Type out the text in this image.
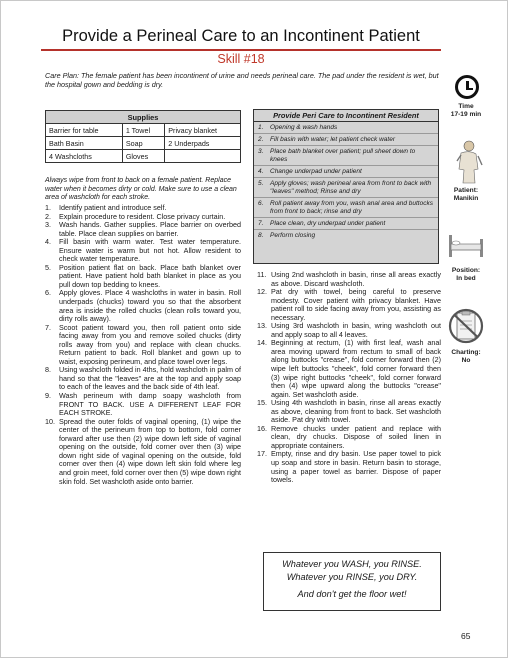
Provide a Perineal Care to an Incontinent Patient
Skill #18
Care Plan: The female patient has been incontinent of urine and needs perineal care. The pad under the resident is wet, but the hospital gown and bedding is dry.
Time
17-19 min
Patient:
Manikin
Position:
In bed
Charting:
No
Supplies		
Barrier for table	1 Towel	Privacy blanket
Bath Basin	Soap	2 Underpads
4 Washcloths	Gloves	
Provide Peri Care to Incontinent Resident
1.	Opening & wash hands
2.	Fill basin with water; let patient check water
3.	Place bath blanket over patient; pull sheet down to knees
4.	Change underpad under patient
5.	Apply gloves; wash perineal area from front to back with "leaves" method; Rinse and dry
6.	Roll patient away from you, wash anal area and buttocks from front to back; rinse and dry
7.	Place clean, dry underpad under patient
8.	Perform closing
Always wipe from front to back on a female patient. Replace water when it becomes dirty or cold. Make sure to use a clean area of washcloth for each stroke.
1.	Identify patient and introduce self.
2.	Explain procedure to resident. Close privacy curtain.
3.	Wash hands. Gather supplies. Place barrier on overbed table. Place clean supplies on barrier.
4.	Fill basin with warm water. Test water temperature. Ensure water is warm but not hot. Allow resident to check water temperature.
5.	Position patient flat on back. Place bath blanket over patient. Have patient hold bath blanket in place as you pull down top bedding to knees.
6.	Apply gloves. Place 4 washcloths in water in basin. Roll underpads (chucks) toward you so that the absorbent area is inside the rolled chucks (clean rolls toward you, dirty rolls away).
7.	Scoot patient toward you, then roll patient onto side facing away from you and remove soiled chucks (dirty rolls away from you) and replace with clean chucks. Return patient to back. Roll blanket and gown up to waist, exposing perineum, and place towel over legs.
8.	Using washcloth folded in 4ths, hold washcloth in palm of hand so that the "leaves" are at the top and apply soap to each of the leaves and the back side of 4th leaf.
9.	Wash perineum with damp soapy washcloth from FRONT TO BACK. USE A DIFFERENT LEAF FOR EACH STROKE.
10. Spread the outer folds of vaginal opening, (1) wipe the center of the perineum from top to bottom, fold corner forward after use then (2) wipe down left side of vaginal opening on the outside, fold corner over then (3) wipe down right side of vaginal opening on the outside, fold corner over then (4) wipe down left skin fold where leg and groin meet, fold corner over then (5) wipe down right skin fold. Set washcloth aside onto barrier.
11. Using 2nd washcloth in basin, rinse all areas exactly as above. Discard washcloth.
12. Pat dry with towel, being careful to preserve modesty. Cover patient with privacy blanket. Have patient roll to side facing away from you, assisting as necessary.
13. Using 3rd washcloth in basin, wring washcloth out and apply soap to all 4 leaves.
14. Beginning at rectum, (1) with first leaf, wash anal area moving upward from rectum to small of back along buttocks "crease", fold corner forward then (2) wipe left buttocks "cheek", fold corner forward then (3) wipe right buttocks "cheek", fold corner forward then (4) wipe upward along the buttocks "crease" again. Set washcloth aside.
15. Using 4th washcloth in basin, rinse all areas exactly as above, cleaning from front to back. Set washcloth aside. Pat dry with towel.
16. Remove chucks under patient and replace with clean, dry chucks. Dispose of soiled linen in appropriate containers.
17. Empty, rinse and dry basin. Use paper towel to pick up soap and store in basin. Return basin to storage, using a paper towel as barrier. Dispose of paper towels.
Whatever you WASH, you RINSE.
Whatever you RINSE, you DRY.
And don't get the floor wet!
65
